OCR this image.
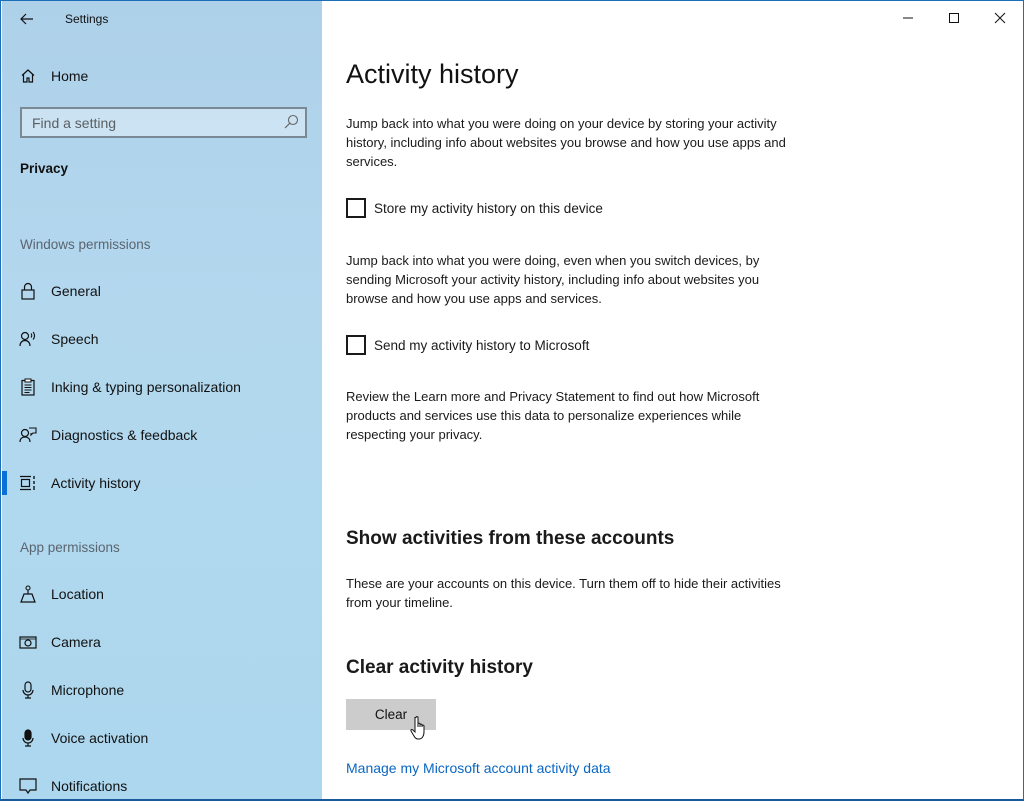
Settings
Home
Find a setting
Privacy
Windows permissions
General
Speech
Inking & typing personalization
Diagnostics & feedback
Activity history
App permissions
Location
Camera
Microphone
Voice activation
Notifications
Activity history

Jump back into what you were doing on your device by storing your activity history, including info about websites you browse and how you use apps and services.

Store my activity history on this device

Jump back into what you were doing, even when you switch devices, by sending Microsoft your activity history, including info about websites you browse and how you use apps and services.

Send my activity history to Microsoft

Review the Learn more and Privacy Statement to find out how Microsoft products and services use this data to personalize experiences while respecting your privacy.

Show activities from these accounts

These are your accounts on this device. Turn them off to hide their activities from your timeline.

Clear activity history
Clear
Manage my Microsoft account activity data
